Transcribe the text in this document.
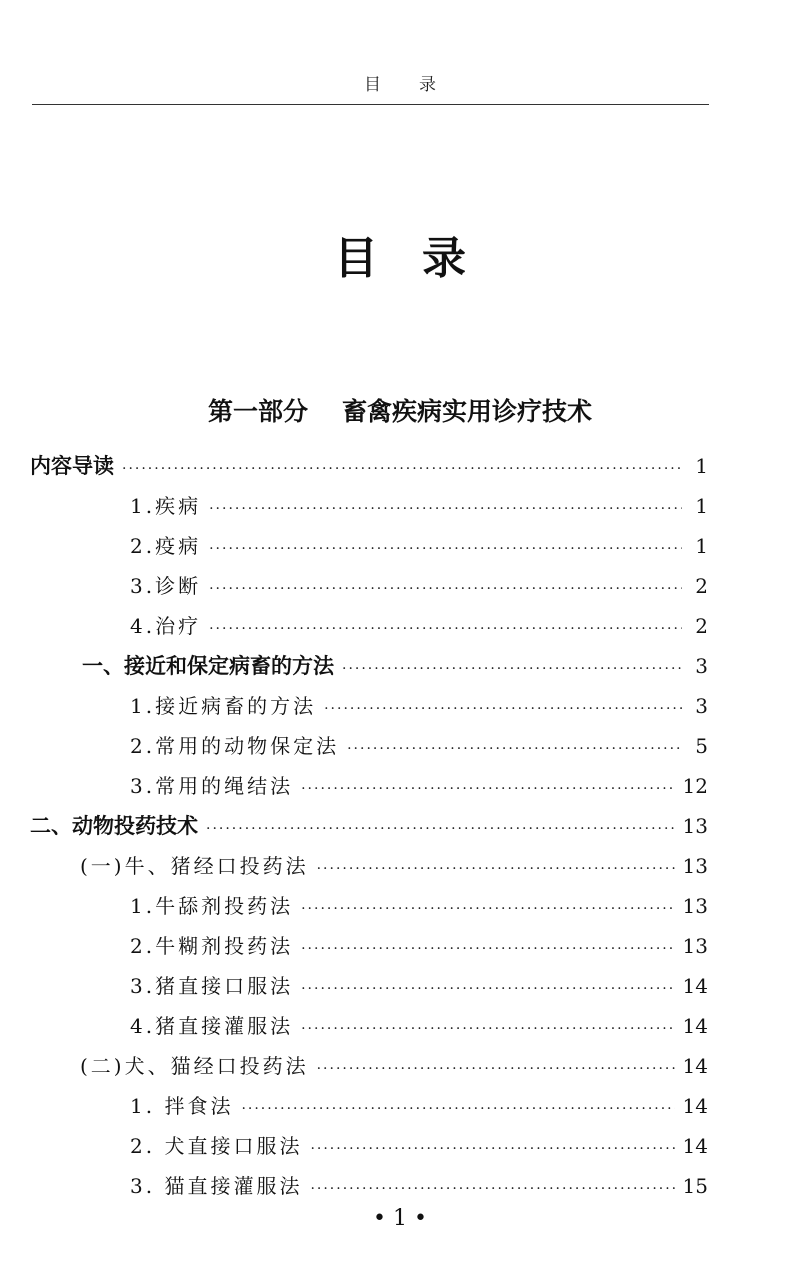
目录
目录
第一部分 畜禽疾病实用诊疗技术
内容导读 ·····	1
1.疾病 ·····	1
2.疫病 ·····	1
3.诊断 ·····	2
4.治疗 ·····	2
一、接近和保定病畜的方法 ·····	3
1.接近病畜的方法 ·····	3
2.常用的动物保定法 ·····	5
3.常用的绳结法 ·····	12
二、动物投药技术 ·····	13
(一)牛、猪经口投药法 ·····	13
1.牛舔剂投药法 ·····	13
2.牛糊剂投药法 ·····	13
3.猪直接口服法 ·····	14
4.猪直接灌服法 ·····	14
(二)犬、猫经口投药法 ·····	14
1. 拌食法 ·····	14
2. 犬直接口服法 ·····	14
3. 猫直接灌服法 ·····	15
• 1 •
